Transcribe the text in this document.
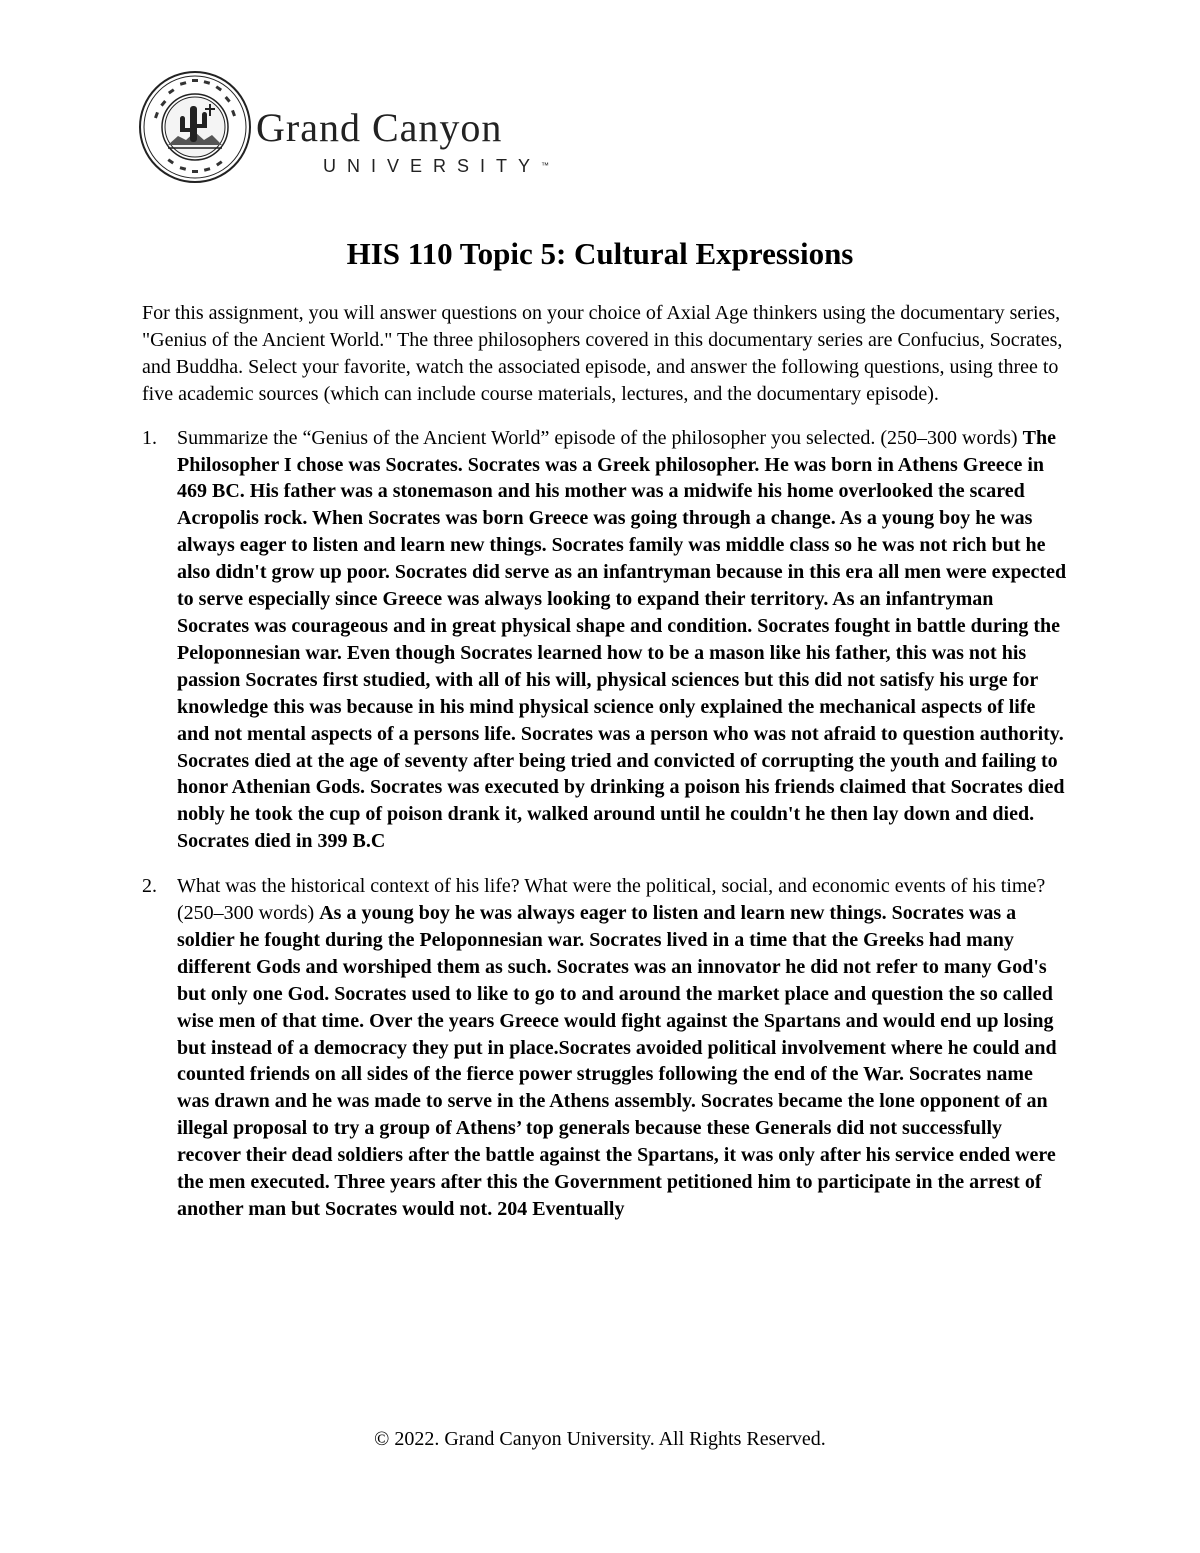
Grand Canyon
UNIVERSITY™
HIS 110 Topic 5: Cultural Expressions

For this assignment, you will answer questions on your choice of Axial Age thinkers using the documentary series, "Genius of the Ancient World." The three philosophers covered in this documentary series are Confucius, Socrates, and Buddha. Select your favorite, watch the associated episode, and answer the following questions, using three to five academic sources (which can include course materials, lectures, and the documentary episode).

1. Summarize the “Genius of the Ancient World” episode of the philosopher you selected. (250–300 words) The Philosopher I chose was Socrates. Socrates was a Greek philosopher. He was born in Athens Greece in 469 BC. His father was a stonemason and his mother was a midwife his home overlooked the scared Acropolis rock. When Socrates was born Greece was going through a change. As a young boy he was always eager to listen and learn new things. Socrates family was middle class so he was not rich but he also didn't grow up poor. Socrates did serve as an infantryman because in this era all men were expected to serve especially since Greece was always looking to expand their territory. As an infantryman Socrates was courageous and in great physical shape and condition. Socrates fought in battle during the Peloponnesian war. Even though Socrates learned how to be a mason like his father, this was not his passion Socrates first studied, with all of his will, physical sciences but this did not satisfy his urge for knowledge this was because in his mind physical science only explained the mechanical aspects of life and not mental aspects of a persons life. Socrates was a person who was not afraid to question authority. Socrates died at the age of seventy after being tried and convicted of corrupting the youth and failing to honor Athenian Gods. Socrates was executed by drinking a poison his friends claimed that Socrates died nobly he took the cup of poison drank it, walked around until he couldn't he then lay down and died. Socrates died in 399 B.C
2. What was the historical context of his life? What were the political, social, and economic events of his time? (250–300 words) As a young boy he was always eager to listen and learn new things. Socrates was a soldier he fought during the Peloponnesian war. Socrates lived in a time that the Greeks had many different Gods and worshiped them as such. Socrates was an innovator he did not refer to many God's but only one God. Socrates used to like to go to and around the market place and question the so called wise men of that time. Over the years Greece would fight against the Spartans and would end up losing but instead of a democracy they put in place.Socrates avoided political involvement where he could and counted friends on all sides of the fierce power struggles following the end of the War. Socrates name was drawn and he was made to serve in the Athens assembly. Socrates became the lone opponent of an illegal proposal to try a group of Athens’ top generals because these Generals did not successfully recover their dead soldiers after the battle against the Spartans, it was only after his service ended were the men executed. Three years after this the Government petitioned him to participate in the arrest of another man but Socrates would not. 204 Eventually
© 2022. Grand Canyon University. All Rights Reserved.
